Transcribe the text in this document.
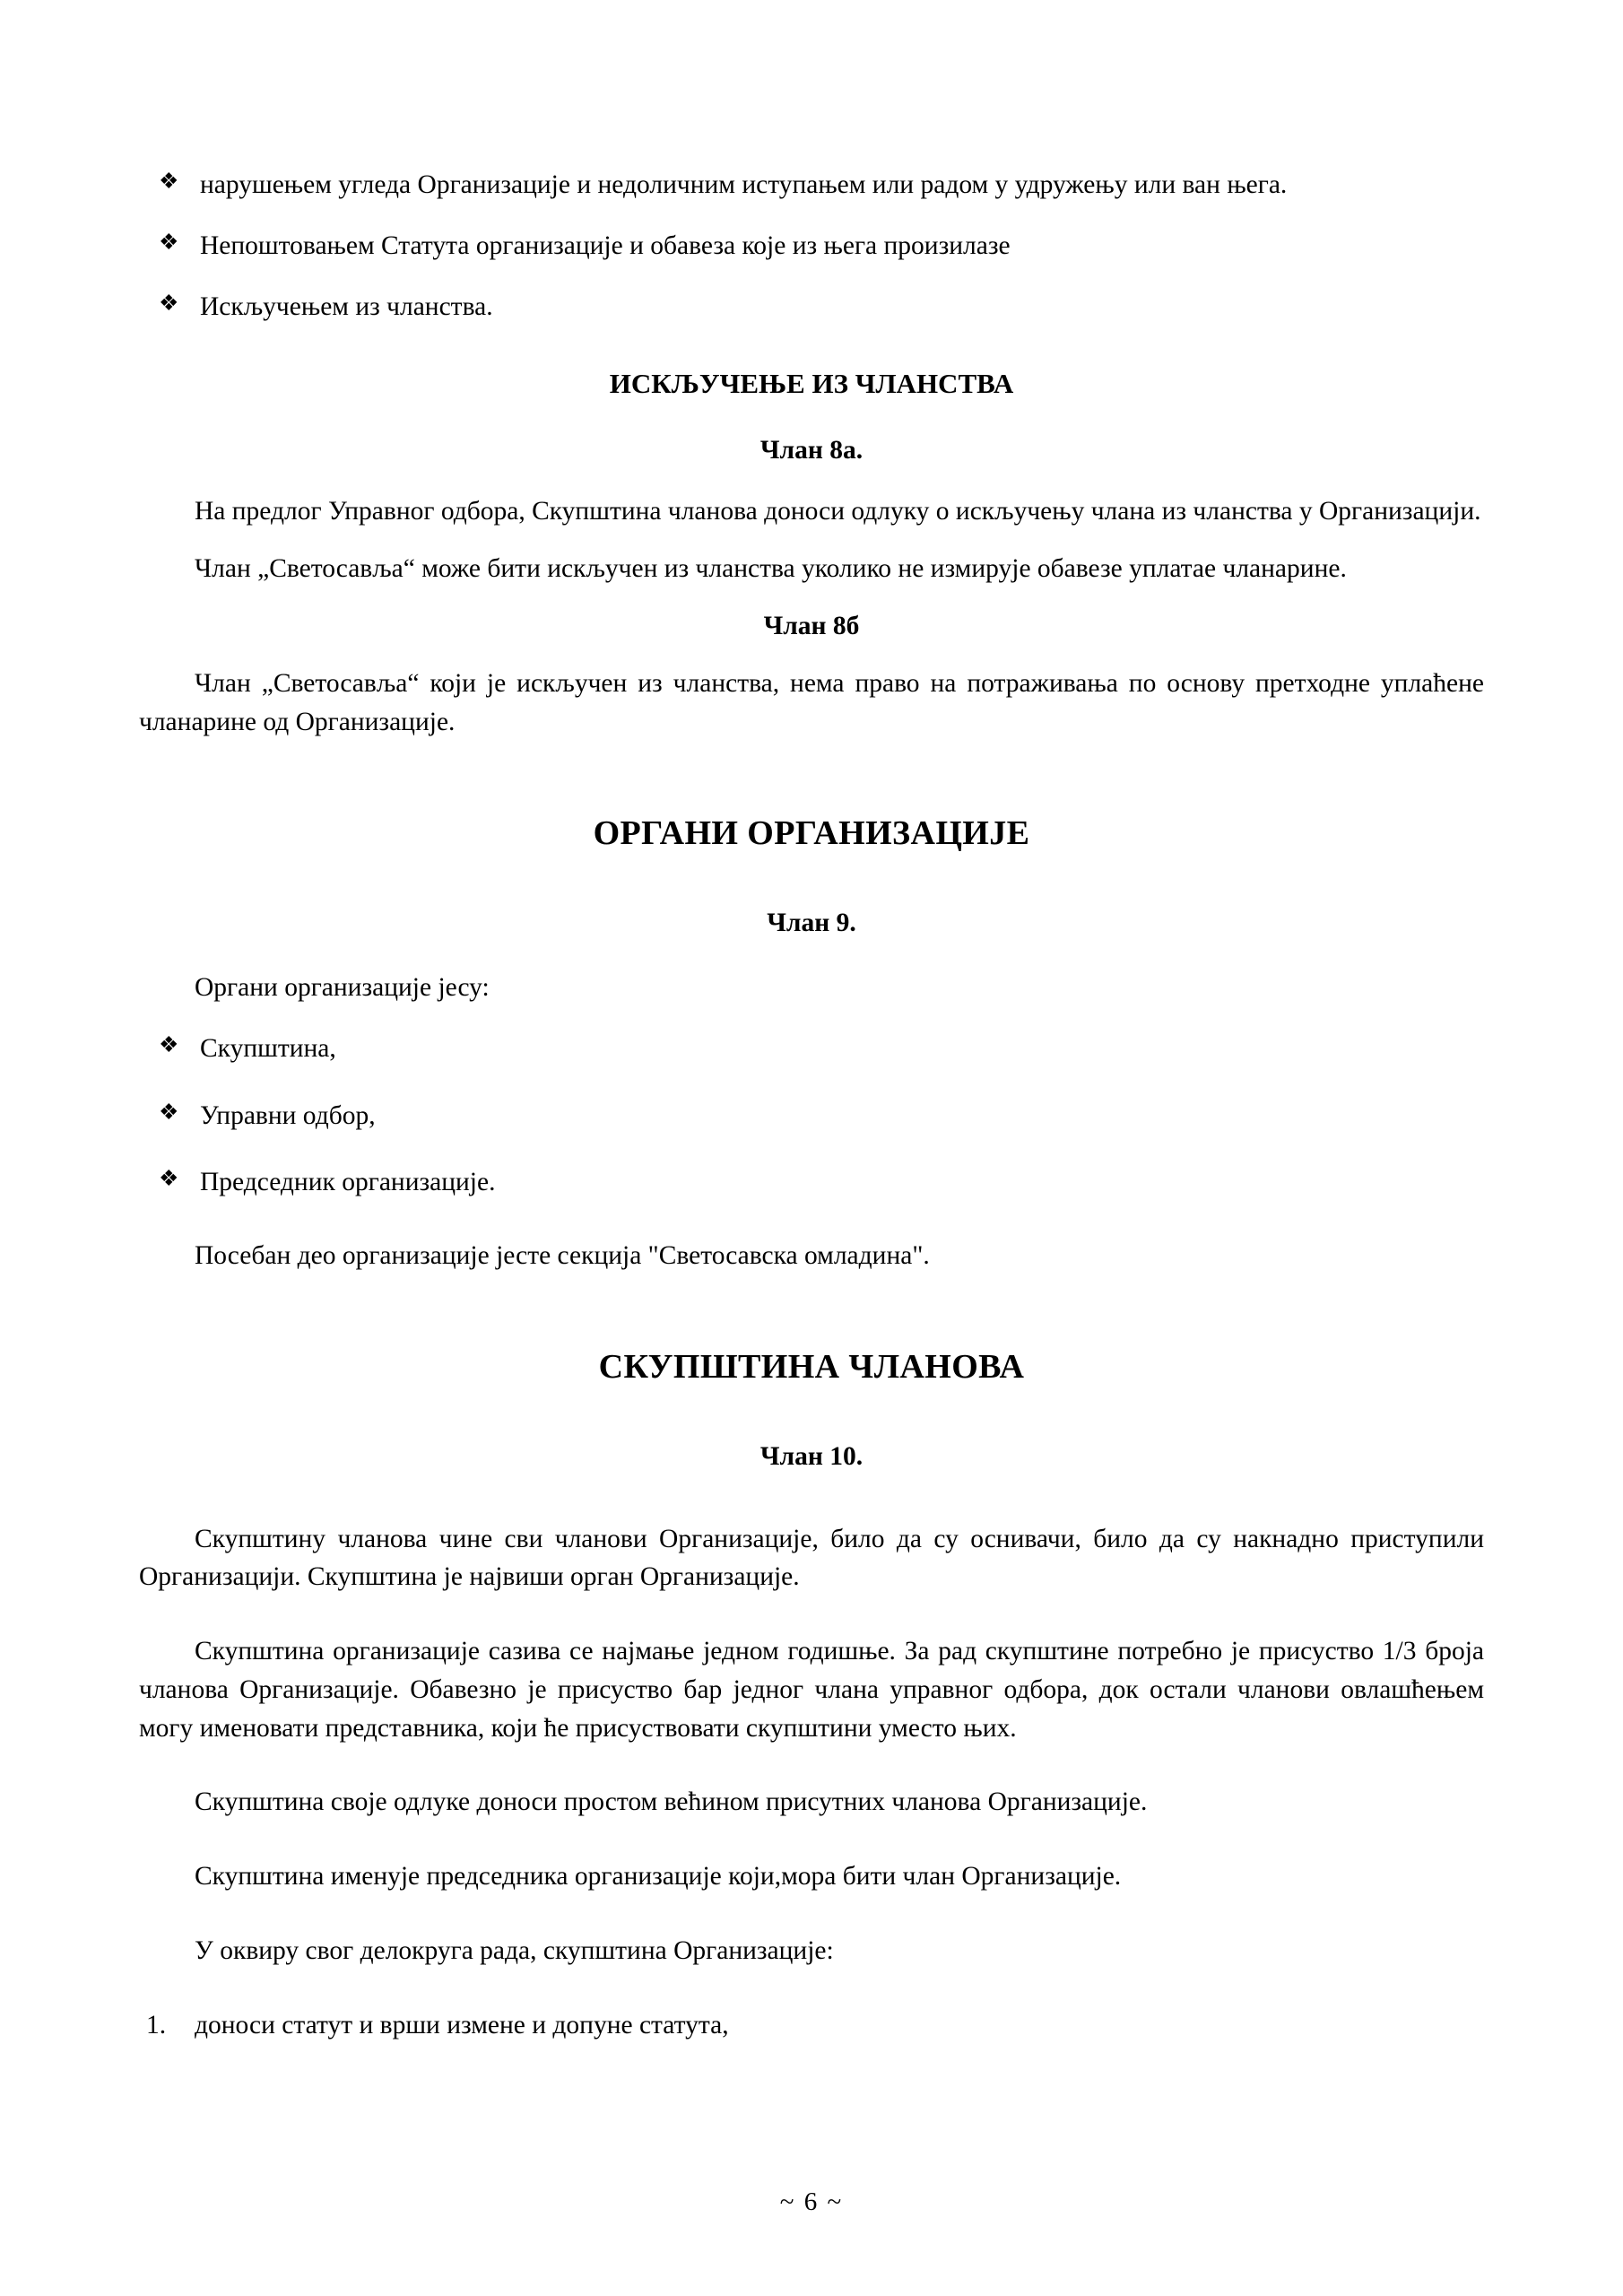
❖ нарушењем угледа Организације и недоличним иступањем или радом у удружењу или ван њега.
❖ Непоштовањем Статута организације и обавеза које из њега произилазе
❖ Искључењем из чланства.
ИСКЉУЧЕЊЕ ИЗ ЧЛАНСТВА
Члан 8а.

На предлог Управног одбора, Скупштина чланова доноси одлуку о искључењу члана из чланства у Организацији.

Члан „Светосавља“ може бити искључен из чланства уколико не измирује обавезе уплатае чланарине.

Члан 8б

Члан „Светосавља“ који је искључен из чланства, нема право на потраживања по основу претходне уплаћене чланарине од Организације.

ОРГАНИ ОРГАНИЗАЦИЈЕ
Члан 9.

Органи организације јесу:

❖ Скупштина,
❖ Управни одбор,
❖ Председник организације.

Посебан део организације јесте секција "Светосавска омладина".

СКУПШТИНА ЧЛАНОВА
Члан 10.

Скупштину чланова чине сви чланови Организације, било да су оснивачи, било да су накнадно приступили Организацији. Скупштина је највиши орган Организације.

Скупштина организације сазива се најмање једном годишње. За рад скупштине потребно је присуство 1/3 броја чланова Организације. Обавезно је присуство бар једног члана управног одбора, док остали чланови овлашћењем могу именовати представника, који ће присуствовати скупштини уместо њих.

Скупштина своје одлуке доноси простом већином присутних чланова Организације.

Скупштина именује председника организације који,мора бити члан Организације.

У оквиру свог делокруга рада, скупштина Организације:

1. доноси статут и врши измене и допуне статута,
~ 6 ~
